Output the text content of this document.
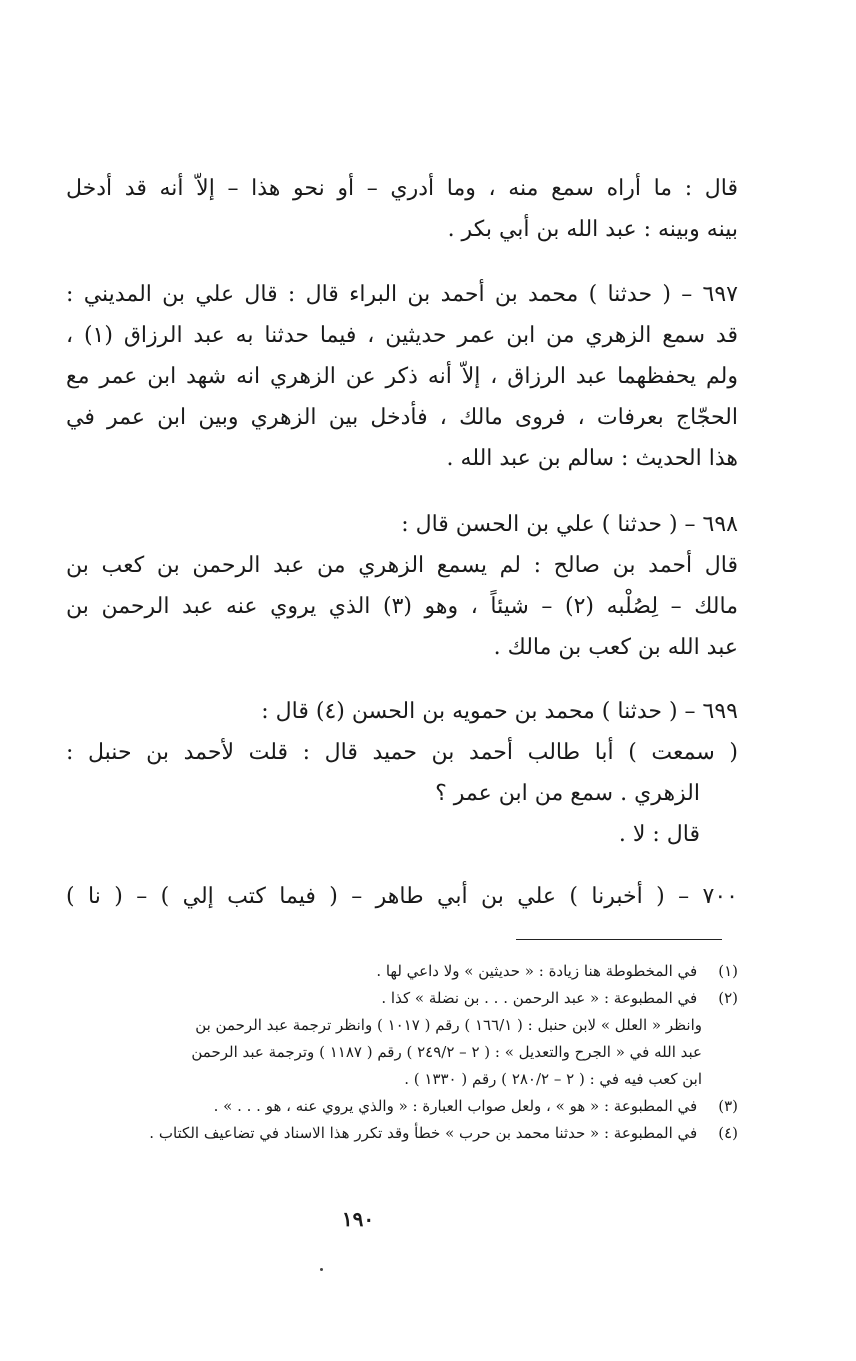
قال : ما أراه سمع منه ، وما أدري – أو نحو هذا – إلاّ أنه قد أدخل
بينه وبينه : عبد الله بن أبي بكر .
٦٩٧ – ( حدثنا ) محمد بن أحمد بن البراء قال : قال علي بن المديني :
قد سمع الزهري من ابن عمر حديثين ، فيما حدثنا به عبد الرزاق (١) ،
ولم يحفظهما عبد الرزاق ، إلاّ أنه ذكر عن الزهري انه شهد ابن عمر مع
الحجّاج بعرفات ، فروى مالك ، فأدخل بين الزهري وبين ابن عمر في
هذا الحديث : سالم بن عبد الله .
٦٩٨ – ( حدثنا ) علي بن الحسن قال :
قال أحمد بن صالح : لم يسمع الزهري من عبد الرحمن بن كعب بن
مالك – لِصُلْبه (٢) – شيئاً ، وهو (٣) الذي يروي عنه عبد الرحمن بن
عبد الله بن كعب بن مالك .
٦٩٩ – ( حدثنا ) محمد بن حمويه بن الحسن (٤) قال :
( سمعت ) أبا طالب أحمد بن حميد قال : قلت لأحمد بن حنبل :
الزهري . سمع من ابن عمر ؟
قال : لا .
٧٠٠ – ( أخبرنا ) علي بن أبي طاهر – ( فيما كتب إلي ) – ( نا )
(١) في المخطوطة هنا زيادة : « حديثين » ولا داعي لها .
(٢) في المطبوعة : « عبد الرحمن . . . بن نضلة » كذا .
وانظر « العلل » لابن حنبل : ( ١٦٦/١ ) رقم ( ١٠١٧ ) وانظر ترجمة عبد الرحمن بن
عبد الله في « الجرح والتعديل » : ( ٢ – ٢٤٩/٢ ) رقم ( ١١٨٧ ) وترجمة عبد الرحمن
ابن كعب فيه في : ( ٢ – ٢٨٠/٢ ) رقم ( ١٣٣٠ ) .
(٣) في المطبوعة : « هو » ، ولعل صواب العبارة : « والذي يروي عنه ، هو . . . » .
(٤) في المطبوعة : « حدثنا محمد بن حرب » خطأ وقد تكرر هذا الاسناد في تضاعيف الكتاب .
١٩٠
